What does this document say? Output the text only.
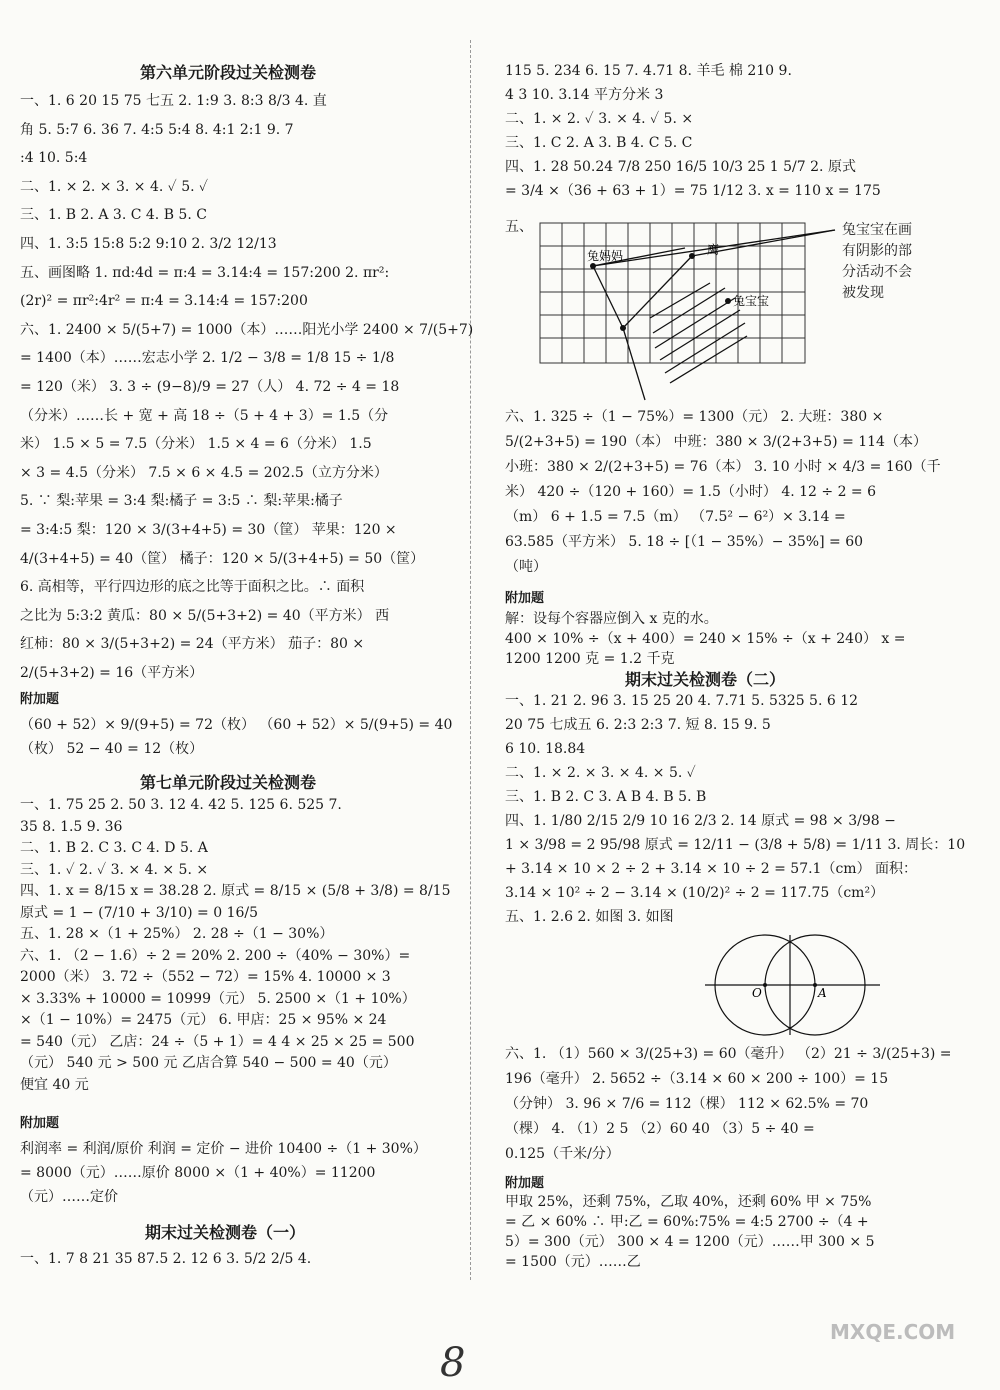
第六单元阶段过关检测卷
一、1. 6 20 15 75 七五 2. 1:9 3. 8:3 8/3 4. 直
角 5. 5:7 6. 36 7. 4:5 5:4 8. 4:1 2:1 9. 7
:4 10. 5:4
二、1. × 2. × 3. × 4. ✓ 5. ✓
三、1. B 2. A 3. C 4. B 5. C
四、1. 3:5 15:8 5:2 9:10 2. 3/2 12/13
五、画图略 1. πd:4d = π:4 = 3.14:4 = 157:200 2. πr²:
(2r)² = πr²:4r² = π:4 = 3.14:4 = 157:200
六、1. 2400 × 5/(5+7) = 1000（本）……阳光小学 2400 × 7/(5+7)
= 1400（本）……宏志小学 2. 1/2 − 3/8 = 1/8 15 ÷ 1/8
= 120（米） 3. 3 ÷ (9−8)/9 = 27（人） 4. 72 ÷ 4 = 18
（分米）……长 + 宽 + 高 18 ÷（5 + 4 + 3）= 1.5（分
米） 1.5 × 5 = 7.5（分米） 1.5 × 4 = 6（分米） 1.5
× 3 = 4.5（分米） 7.5 × 6 × 4.5 = 202.5（立方分米）
5. ∵ 梨:苹果 = 3:4 梨:橘子 = 3:5 ∴ 梨:苹果:橘子
= 3:4:5 梨：120 × 3/(3+4+5) = 30（筐） 苹果：120 ×
4/(3+4+5) = 40（筐） 橘子：120 × 5/(3+4+5) = 50（筐）
6. 高相等，平行四边形的底之比等于面积之比。∴ 面积
之比为 5:3:2 黄瓜：80 × 5/(5+3+2) = 40（平方米） 西
红柿：80 × 3/(5+3+2) = 24（平方米） 茄子：80 ×
2/(5+3+2) = 16（平方米）
附加题
（60 + 52）× 9/(9+5) = 72（枚） （60 + 52）× 5/(9+5) = 40
（枚） 52 − 40 = 12（枚）
第七单元阶段过关检测卷
一、1. 75 25 2. 50 3. 12 4. 42 5. 125 6. 525 7.
35 8. 1.5 9. 36
二、1. B 2. C 3. C 4. D 5. A
三、1. ✓ 2. ✓ 3. × 4. × 5. ×
四、1. x = 8/15 x = 38.28 2. 原式 = 8/15 × (5/8 + 3/8) = 8/15
原式 = 1 − (7/10 + 3/10) = 0 16/5
五、1. 28 ×（1 + 25%） 2. 28 ÷（1 − 30%）
六、1. （2 − 1.6）÷ 2 = 20% 2. 200 ÷（40% − 30%）=
2000（米） 3. 72 ÷（552 − 72）= 15% 4. 10000 × 3
× 3.33% + 10000 = 10999（元） 5. 2500 ×（1 + 10%）
×（1 − 10%）= 2475（元） 6. 甲店：25 × 95% × 24
= 540（元） 乙店：24 ÷（5 + 1）= 4 4 × 25 × 25 = 500
（元） 540 元 > 500 元 乙店合算 540 − 500 = 40（元）
便宜 40 元
附加题
利润率 = 利润/原价 利润 = 定价 − 进价 10400 ÷（1 + 30%）
= 8000（元）……原价 8000 ×（1 + 40%）= 11200
（元）……定价
期末过关检测卷（一）
一、1. 7 8 21 35 87.5 2. 12 6 3. 5/2 2/5 4.
115 5. 234 6. 15 7. 4.71 8. 羊毛 棉 210 9.
4 3 10. 3.14 平方分米 3
二、1. × 2. ✓ 3. × 4. ✓ 5. ×
三、1. C 2. A 3. B 4. C 5. C
四、1. 28 50.24 7/8 250 16/5 10/3 25 1 5/7 2. 原式
= 3/4 ×（36 + 63 + 1）= 75 1/12 3. x = 110 x = 175
五、
兔妈妈	鹰
兔宝宝
兔宝宝在画
有阴影的部
分活动不会
被发现
六、1. 325 ÷（1 − 75%）= 1300（元） 2. 大班：380 ×
5/(2+3+5) = 190（本） 中班：380 × 3/(2+3+5) = 114（本）
小班：380 × 2/(2+3+5) = 76（本） 3. 10 小时 × 4/3 = 160（千
米） 420 ÷（120 + 160）= 1.5（小时） 4. 12 ÷ 2 = 6
（m） 6 + 1.5 = 7.5（m） （7.5² − 6²）× 3.14 =
63.585（平方米） 5. 18 ÷ [（1 − 35%）− 35%] = 60
（吨）
附加题
解：设每个容器应倒入 x 克的水。
400 × 10% ÷（x + 400）= 240 × 15% ÷（x + 240） x =
1200 1200 克 = 1.2 千克
期末过关检测卷（二）
一、1. 21 2. 96 3. 15 25 20 4. 7.71 5. 5325 5. 6 12
20 75 七成五 6. 2:3 2:3 7. 短 8. 15 9. 5
6 10. 18.84
二、1. × 2. × 3. × 4. × 5. ✓
三、1. B 2. C 3. A B 4. B 5. B
四、1. 1/80 2/15 2/9 10 16 2/3 2. 14 原式 = 98 × 3/98 −
1 × 3/98 = 2 95/98 原式 = 12/11 − (3/8 + 5/8) = 1/11 3. 周长：10
+ 3.14 × 10 × 2 ÷ 2 + 3.14 × 10 ÷ 2 = 57.1（cm） 面积：
3.14 × 10² ÷ 2 − 3.14 × (10/2)² ÷ 2 = 117.75（cm²）
五、1. 2.6 2. 如图 3. 如图
O	A
六、1. （1）560 × 3/(25+3) = 60（毫升） （2）21 ÷ 3/(25+3) =
196（毫升） 2. 5652 ÷（3.14 × 60 × 200 ÷ 100）= 15
（分钟） 3. 96 × 7/6 = 112（棵） 112 × 62.5% = 70
（棵） 4. （1）2 5 （2）60 40 （3）5 ÷ 40 =
0.125（千米/分）
附加题
甲取 25%，还剩 75%，乙取 40%，还剩 60% 甲 × 75%
= 乙 × 60% ∴ 甲:乙 = 60%:75% = 4:5 2700 ÷（4 +
5）= 300（元） 300 × 4 = 1200（元）……甲 300 × 5
= 1500（元）……乙
8
MXQE.COM
